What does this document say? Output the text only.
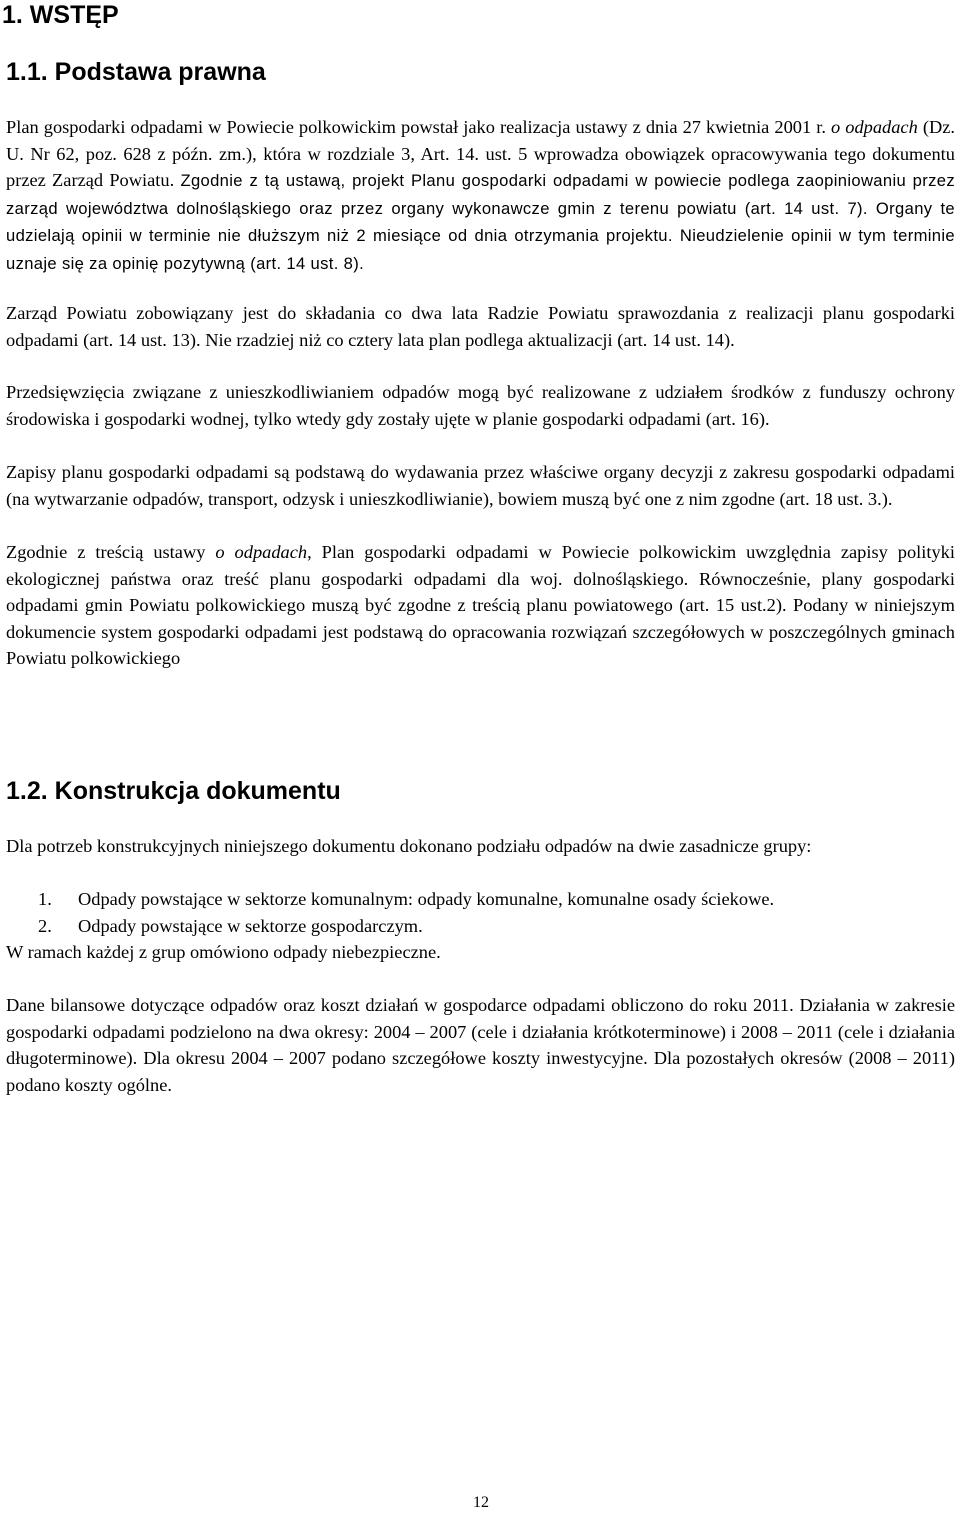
1. WSTĘP
1.1. Podstawa prawna
Plan gospodarki odpadami w Powiecie polkowickim powstał jako realizacja ustawy z dnia 27 kwietnia 2001 r. o odpadach (Dz. U. Nr 62, poz. 628 z późn. zm.), która w rozdziale 3, Art. 14. ust. 5 wprowadza obowiązek opracowywania tego dokumentu przez Zarząd Powiatu. Zgodnie z tą ustawą, projekt Planu gospodarki odpadami w powiecie podlega zaopiniowaniu przez zarząd województwa dolnośląskiego oraz przez organy wykonawcze gmin z terenu powiatu (art. 14 ust. 7). Organy te udzielają opinii w terminie nie dłuższym niż 2 miesiące od dnia otrzymania projektu. Nieudzielenie opinii w tym terminie uznaje się za opinię pozytywną (art. 14 ust. 8).

Zarząd Powiatu zobowiązany jest do składania co dwa lata Radzie Powiatu sprawozdania z realizacji planu gospodarki odpadami (art. 14 ust. 13). Nie rzadziej niż co cztery lata plan podlega aktualizacji (art. 14 ust. 14).

Przedsięwzięcia związane z unieszkodliwianiem odpadów mogą być realizowane z udziałem środków z funduszy ochrony środowiska i gospodarki wodnej, tylko wtedy gdy zostały ujęte w planie gospodarki odpadami (art. 16).

Zapisy planu gospodarki odpadami są podstawą do wydawania przez właściwe organy decyzji z zakresu gospodarki odpadami (na wytwarzanie odpadów, transport, odzysk i unieszkodliwianie), bowiem muszą być one z nim zgodne (art. 18 ust. 3.).

Zgodnie z treścią ustawy o odpadach, Plan gospodarki odpadami w Powiecie polkowickim uwzględnia zapisy polityki ekologicznej państwa oraz treść planu gospodarki odpadami dla woj. dolnośląskiego. Równocześnie, plany gospodarki odpadami gmin Powiatu polkowickiego muszą być zgodne z treścią planu powiatowego (art. 15 ust.2). Podany w niniejszym dokumencie system gospodarki odpadami jest podstawą do opracowania rozwiązań szczegółowych w poszczególnych gminach Powiatu polkowickiego

1.2. Konstrukcja dokumentu

Dla potrzeb konstrukcyjnych niniejszego dokumentu dokonano podziału odpadów na dwie zasadnicze grupy:

1. Odpady powstające w sektorze komunalnym: odpady komunalne, komunalne osady ściekowe.
2. Odpady powstające w sektorze gospodarczym.

W ramach każdej z grup omówiono odpady niebezpieczne.

Dane bilansowe dotyczące odpadów oraz koszt działań w gospodarce odpadami obliczono do roku 2011. Działania w zakresie gospodarki odpadami podzielono na dwa okresy: 2004 – 2007 (cele i działania krótkoterminowe) i 2008 – 2011 (cele i działania długoterminowe). Dla okresu 2004 – 2007 podano szczegółowe koszty inwestycyjne. Dla pozostałych okresów (2008 – 2011) podano koszty ogólne.

12
